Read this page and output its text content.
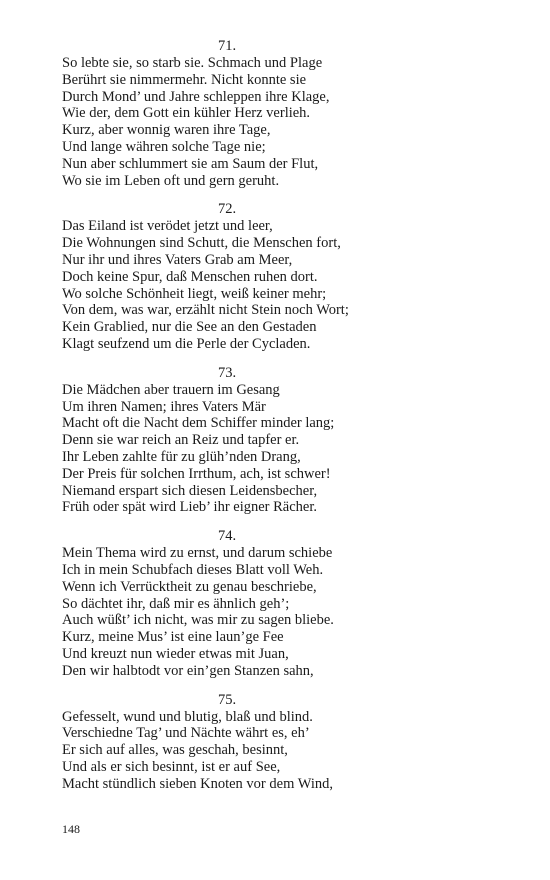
71.
So lebte sie, so starb sie. Schmach und Plage
Berührt sie nimmermehr. Nicht konnte sie
Durch Mond’ und Jahre schleppen ihre Klage,
Wie der, dem Gott ein kühler Herz verlieh.
Kurz, aber wonnig waren ihre Tage,
Und lange währen solche Tage nie;
Nun aber schlummert sie am Saum der Flut,
Wo sie im Leben oft und gern geruht.
72.
Das Eiland ist verödet jetzt und leer,
Die Wohnungen sind Schutt, die Menschen fort,
Nur ihr und ihres Vaters Grab am Meer,
Doch keine Spur, daß Menschen ruhen dort.
Wo solche Schönheit liegt, weiß keiner mehr;
Von dem, was war, erzählt nicht Stein noch Wort;
Kein Grablied, nur die See an den Gestaden
Klagt seufzend um die Perle der Cycladen.
73.
Die Mädchen aber trauern im Gesang
Um ihren Namen; ihres Vaters Mär
Macht oft die Nacht dem Schiffer minder lang;
Denn sie war reich an Reiz und tapfer er.
Ihr Leben zahlte für zu glüh’nden Drang,
Der Preis für solchen Irrthum, ach, ist schwer!
Niemand erspart sich diesen Leidensbecher,
Früh oder spät wird Lieb’ ihr eigner Rächer.
74.
Mein Thema wird zu ernst, und darum schiebe
Ich in mein Schubfach dieses Blatt voll Weh.
Wenn ich Verrücktheit zu genau beschriebe,
So dächtet ihr, daß mir es ähnlich geh’;
Auch wüßt’ ich nicht, was mir zu sagen bliebe.
Kurz, meine Mus’ ist eine laun’ge Fee
Und kreuzt nun wieder etwas mit Juan,
Den wir halbtodt vor ein’gen Stanzen sahn,
75.
Gefesselt, wund und blutig, blaß und blind.
Verschiedne Tag’ und Nächte währt es, eh’
Er sich auf alles, was geschah, besinnt,
Und als er sich besinnt, ist er auf See,
Macht stündlich sieben Knoten vor dem Wind,
148
